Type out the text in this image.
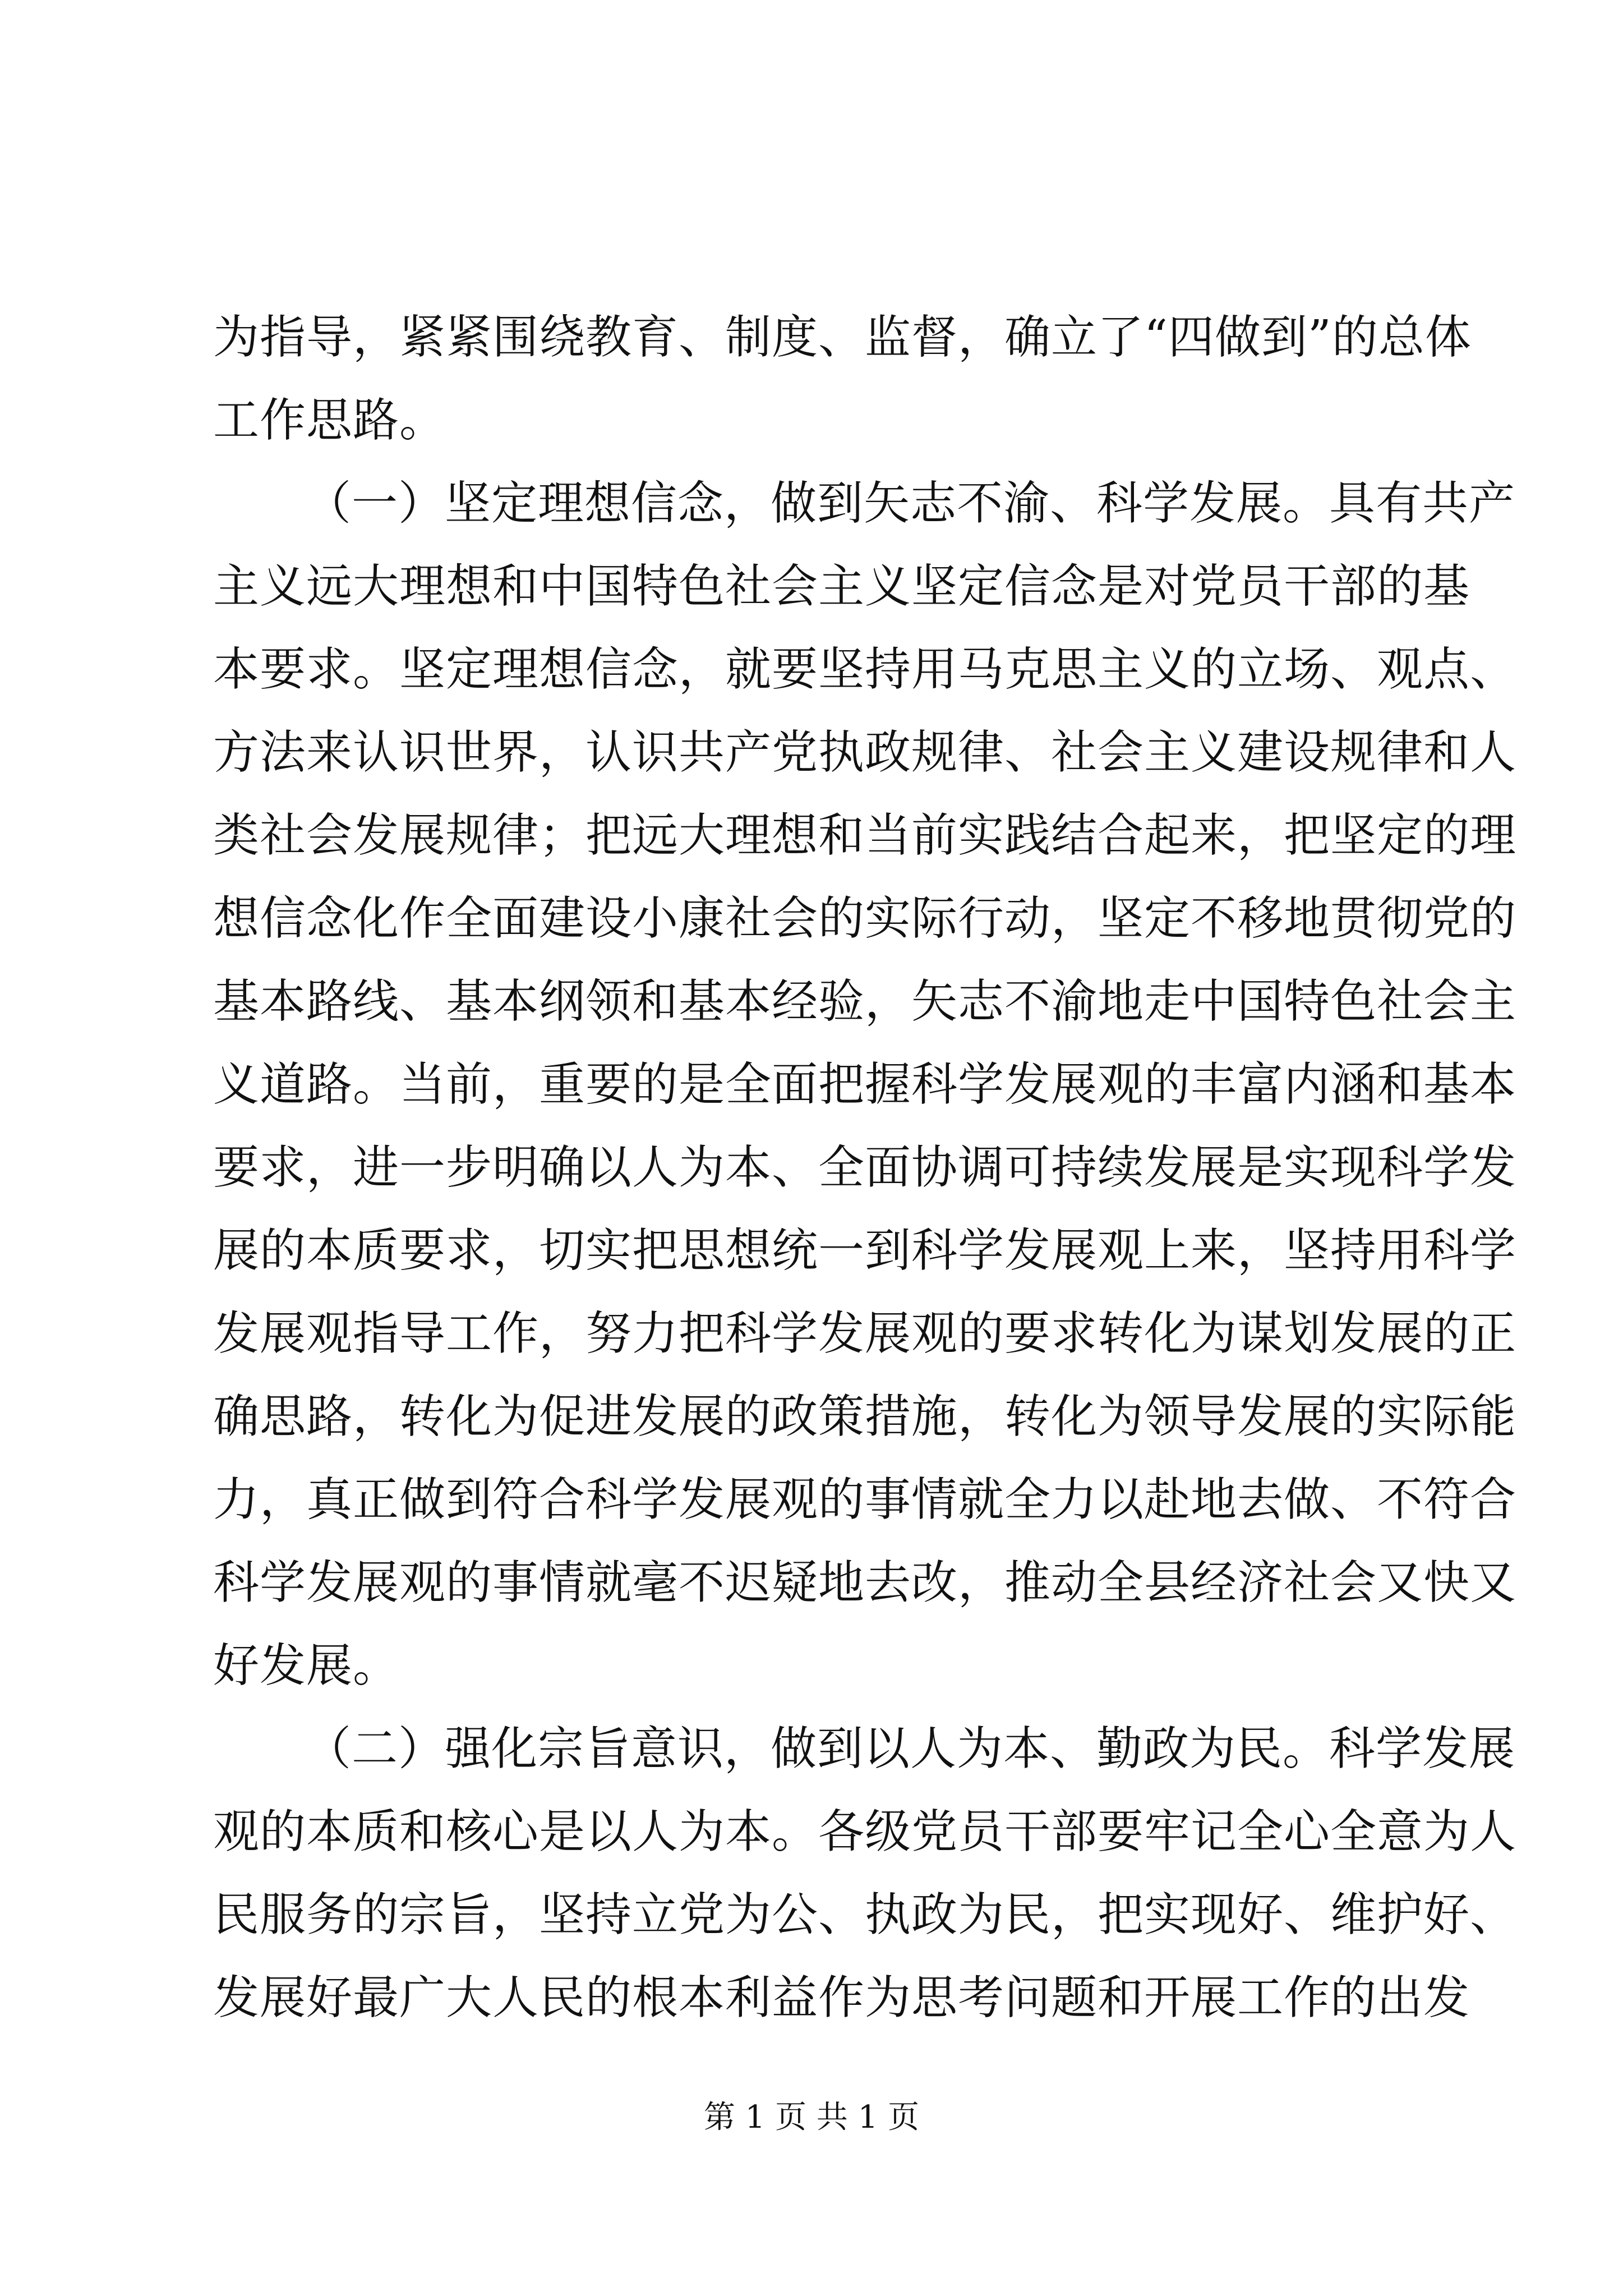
为指导，紧紧围绕教育、制度、监督，确立了“四做到”的总体
工作思路。
（一）坚定理想信念，做到矢志不渝、科学发展。具有共产
主义远大理想和中国特色社会主义坚定信念是对党员干部的基
本要求。坚定理想信念，就要坚持用马克思主义的立场、观点、
方法来认识世界，认识共产党执政规律、社会主义建设规律和人
类社会发展规律；把远大理想和当前实践结合起来，把坚定的理
想信念化作全面建设小康社会的实际行动，坚定不移地贯彻党的
基本路线、基本纲领和基本经验，矢志不渝地走中国特色社会主
义道路。当前，重要的是全面把握科学发展观的丰富内涵和基本
要求，进一步明确以人为本、全面协调可持续发展是实现科学发
展的本质要求，切实把思想统一到科学发展观上来，坚持用科学
发展观指导工作，努力把科学发展观的要求转化为谋划发展的正
确思路，转化为促进发展的政策措施，转化为领导发展的实际能
力，真正做到符合科学发展观的事情就全力以赴地去做、不符合
科学发展观的事情就毫不迟疑地去改，推动全县经济社会又快又
好发展。
（二）强化宗旨意识，做到以人为本、勤政为民。科学发展
观的本质和核心是以人为本。各级党员干部要牢记全心全意为人
民服务的宗旨，坚持立党为公、执政为民，把实现好、维护好、
发展好最广大人民的根本利益作为思考问题和开展工作的出发
第 1 页 共 1 页
